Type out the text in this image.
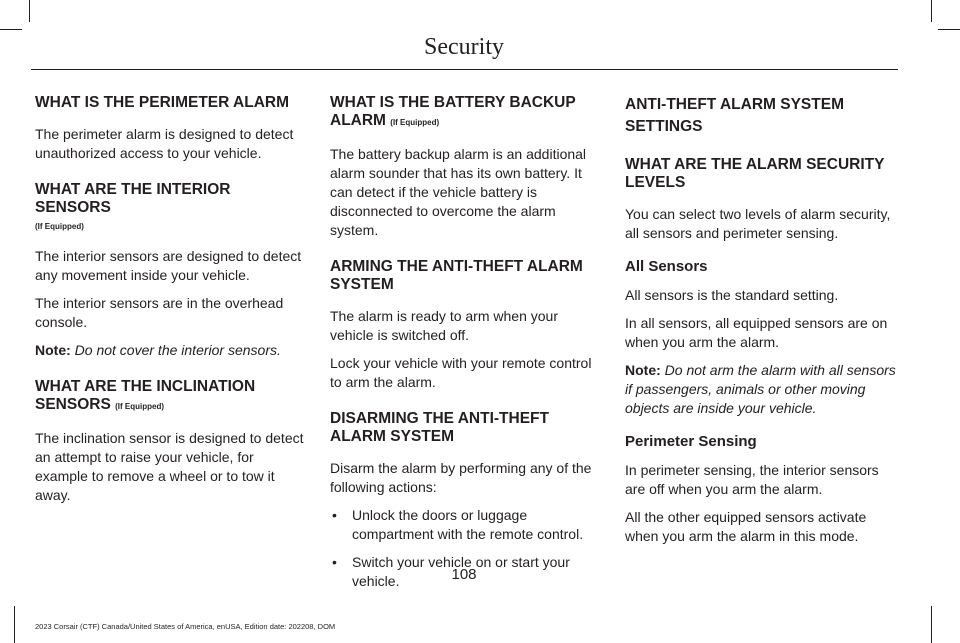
Security
WHAT IS THE PERIMETER ALARM

The perimeter alarm is designed to detect unauthorized access to your vehicle.

WHAT ARE THE INTERIOR SENSORS
(If Equipped)

The interior sensors are designed to detect any movement inside your vehicle.

The interior sensors are in the overhead console.

Note: Do not cover the interior sensors.

WHAT ARE THE INCLINATION
SENSORS (If Equipped)

The inclination sensor is designed to detect an attempt to raise your vehicle, for example to remove a wheel or to tow it away.

WHAT IS THE BATTERY BACKUP
ALARM (If Equipped)

The battery backup alarm is an additional alarm sounder that has its own battery. It can detect if the vehicle battery is disconnected to overcome the alarm system.

ARMING THE ANTI-THEFT ALARM SYSTEM

The alarm is ready to arm when your vehicle is switched off.

Lock your vehicle with your remote control to arm the alarm.

DISARMING THE ANTI-THEFT ALARM SYSTEM

Disarm the alarm by performing any of the following actions:

• Unlock the doors or luggage compartment with the remote control.
• Switch your vehicle on or start your vehicle.
ANTI-THEFT ALARM SYSTEM
SETTINGS
WHAT ARE THE ALARM SECURITY LEVELS

You can select two levels of alarm security, all sensors and perimeter sensing.

All Sensors

All sensors is the standard setting.

In all sensors, all equipped sensors are on when you arm the alarm.

Note: Do not arm the alarm with all sensors if passengers, animals or other moving objects are inside your vehicle.

Perimeter Sensing

In perimeter sensing, the interior sensors are off when you arm the alarm.

All the other equipped sensors activate when you arm the alarm in this mode.

108
2023 Corsair (CTF) Canada/United States of America, enUSA, Edition date: 202208, DOM
